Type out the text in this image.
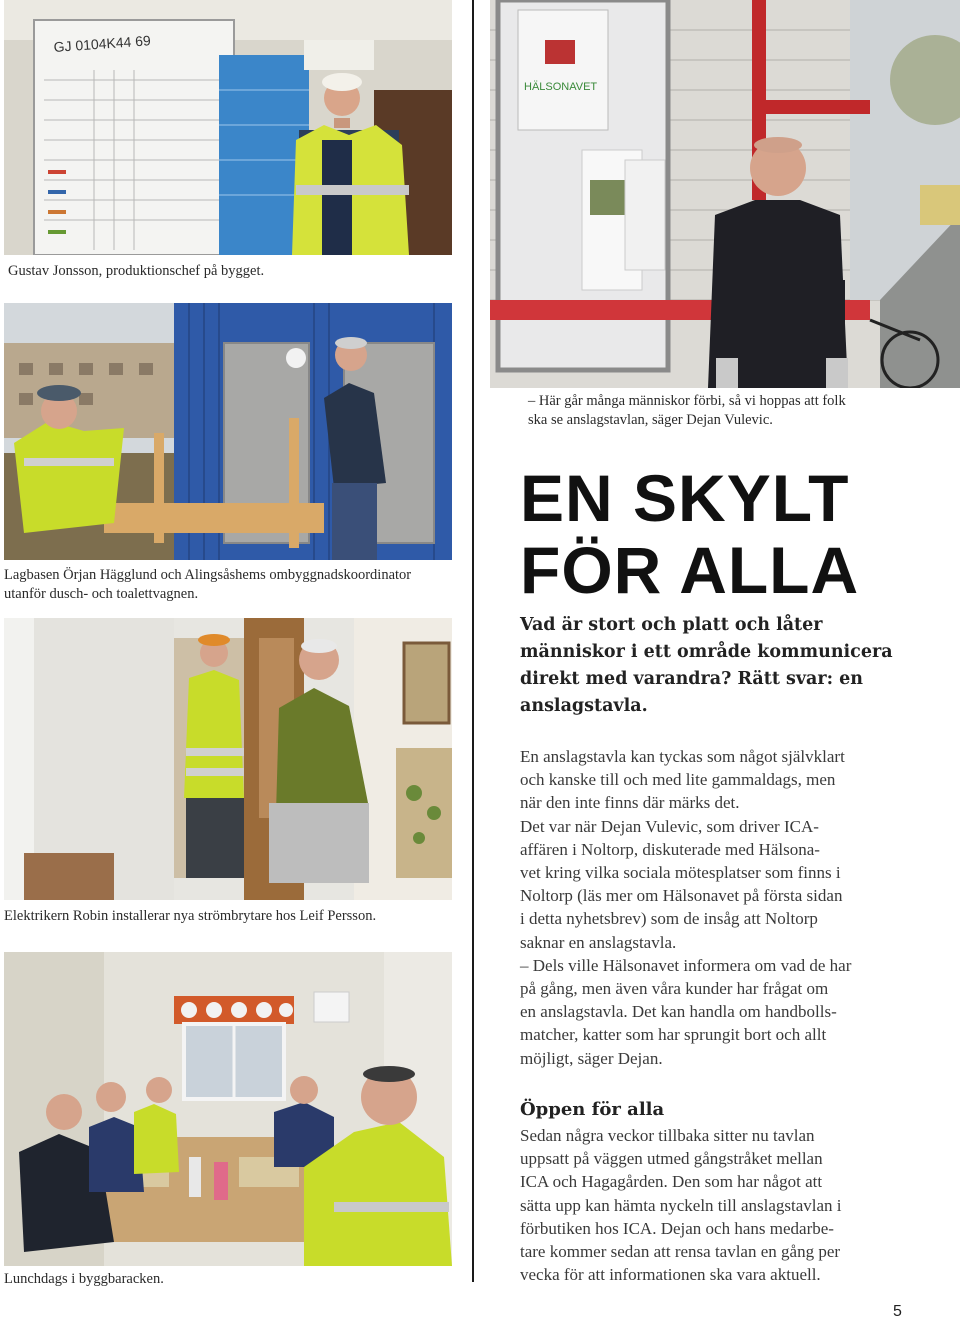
GJ 0104K44 69
Gustav Jonsson, produktionschef på bygget.
HÄLSONAVET
– Här går många människor förbi, så vi hoppas att folk
ska se anslagstavlan, säger Dejan Vulevic.
Lagbasen Örjan Hägglund och Alingsåshems ombyggnadskoordinator
utanför dusch- och toalettvagnen.
Elektrikern Robin installerar nya strömbrytare hos Leif Persson.
Lunchdags i byggbaracken.
EN SKYLT
FÖR ALLA
Vad är stort och platt och låter
människor i ett område kommunicera
direkt med varandra? Rätt svar: en
anslagstavla.
En anslagstavla kan tyckas som något självklart
och kanske till och med lite gammaldags, men
när den inte finns där märks det.
Det var när Dejan Vulevic, som driver ICA-
affären i Noltorp, diskuterade med Hälsona-
vet kring vilka sociala mötesplatser som finns i
Noltorp (läs mer om Hälsonavet på första sidan
i detta nyhetsbrev) som de insåg att Noltorp
saknar en anslagstavla.
– Dels ville Hälsonavet informera om vad de har
på gång, men även våra kunder har frågat om
en anslagstavla. Det kan handla om handbolls-
matcher, katter som har sprungit bort och allt
möjligt, säger Dejan.
Öppen för alla
Sedan några veckor tillbaka sitter nu tavlan
uppsatt på väggen utmed gångstråket mellan
ICA och Hagagården. Den som har något att
sätta upp kan hämta nyckeln till anslagstavlan i
förbutiken hos ICA. Dejan och hans medarbe-
tare kommer sedan att rensa tavlan en gång per
vecka för att informationen ska vara aktuell.
5
